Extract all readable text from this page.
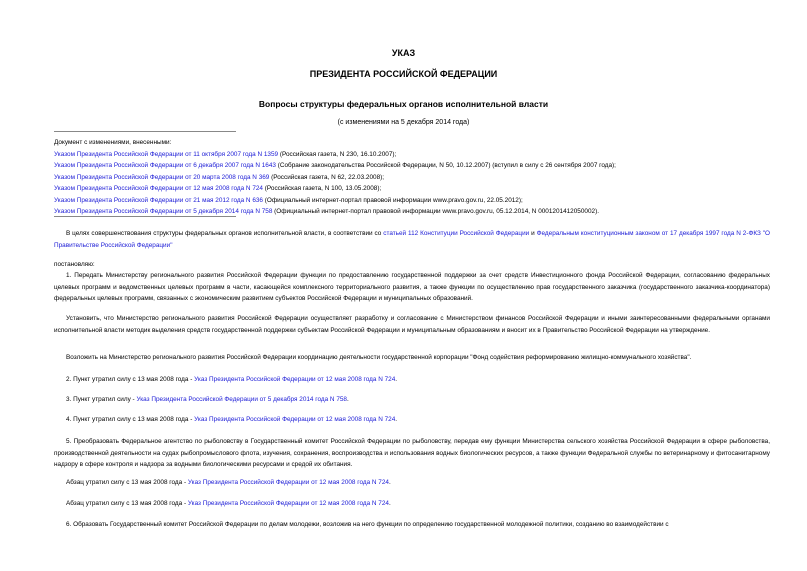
УКАЗ
ПРЕЗИДЕНТА РОССИЙСКОЙ ФЕДЕРАЦИИ
Вопросы структуры федеральных органов исполнительной власти
(с изменениями на 5 декабря 2014 года)
Документ с изменениями, внесенными:
Указом Президента Российской Федерации от 11 октября 2007 года N 1359 (Российская газета, N 230, 16.10.2007);
Указом Президента Российской Федерации от 6 декабря 2007 года N 1643 (Собрание законодательства Российской Федерации, N 50, 10.12.2007) (вступил в силу с 26 сентября 2007 года);
Указом Президента Российской Федерации от 20 марта 2008 года N 369 (Российская газета, N 62, 22.03.2008);
Указом Президента Российской Федерации от 12 мая 2008 года N 724 (Российская газета, N 100, 13.05.2008);
Указом Президента Российской Федерации от 21 мая 2012 года N 636 (Официальный интернет-портал правовой информации www.pravo.gov.ru, 22.05.2012);
Указом Президента Российской Федерации от 5 декабря 2014 года N 758 (Официальный интернет-портал правовой информации www.pravo.gov.ru, 05.12.2014, N 0001201412050002).
В целях совершенствования структуры федеральных органов исполнительной власти, в соответствии со статьей 112 Конституции Российской Федерации и Федеральным конституционным законом от 17 декабря 1997 года N 2-ФКЗ "О Правительстве Российской Федерации"
постановляю:
1. Передать Министерству регионального развития Российской Федерации функции по предоставлению государственной поддержки за счет средств Инвестиционного фонда Российской Федерации, согласованию федеральных целевых программ и ведомственных целевых программ в части, касающейся комплексного территориального развития, а также функции по осуществлению прав государственного заказчика (государственного заказчика-координатора) федеральных целевых программ, связанных с экономическим развитием субъектов Российской Федерации и муниципальных образований.
Установить, что Министерство регионального развития Российской Федерации осуществляет разработку и согласование с Министерством финансов Российской Федерации и иными заинтересованными федеральными органами исполнительной власти методик выделения средств государственной поддержки субъектам Российской Федерации и муниципальным образованиям и вносит их в Правительство Российской Федерации на утверждение.
Возложить на Министерство регионального развития Российской Федерации координацию деятельности государственной корпорации "Фонд содействия реформированию жилищно-коммунального хозяйства".
2. Пункт утратил силу с 13 мая 2008 года - Указ Президента Российской Федерации от 12 мая 2008 года N 724.
3. Пункт утратил силу - Указ Президента Российской Федерации от 5 декабря 2014 года N 758.
4. Пункт утратил силу с 13 мая 2008 года - Указ Президента Российской Федерации от 12 мая 2008 года N 724.
5. Преобразовать Федеральное агентство по рыболовству в Государственный комитет Российской Федерации по рыболовству, передав ему функции Министерства сельского хозяйства Российской Федерации в сфере рыболовства, производственной деятельности на судах рыбопромыслового флота, изучения, сохранения, воспроизводства и использования водных биологических ресурсов, а также функции Федеральной службы по ветеринарному и фитосанитарному надзору в сфере контроля и надзора за водными биологическими ресурсами и средой их обитания.
Абзац утратил силу с 13 мая 2008 года - Указ Президента Российской Федерации от 12 мая 2008 года N 724.
Абзац утратил силу с 13 мая 2008 года - Указ Президента Российской Федерации от 12 мая 2008 года N 724.
6. Образовать Государственный комитет Российской Федерации по делам молодежи, возложив на него функции по определению государственной молодежной политики, созданию во взаимодействии с
